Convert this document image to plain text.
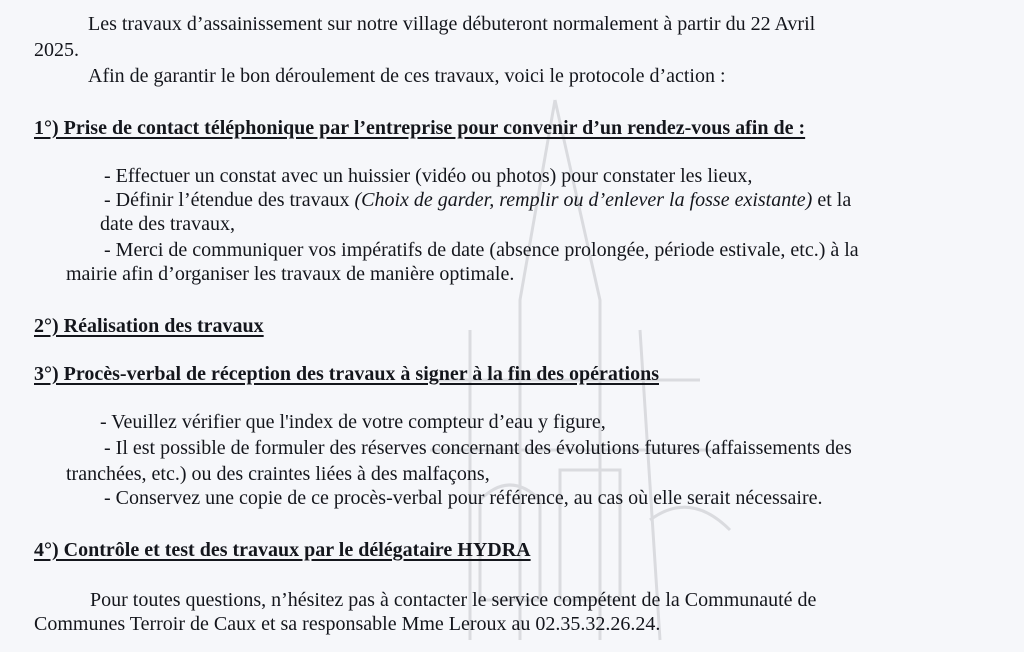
Les travaux d’assainissement sur notre village débuteront normalement à partir du 22 Avril
2025.
Afin de garantir le bon déroulement de ces travaux, voici le protocole d’action :
1°) Prise de contact téléphonique par l’entreprise pour convenir d’un rendez-vous afin de :
- Effectuer un constat avec un huissier (vidéo ou photos) pour constater les lieux,
- Définir l’étendue des travaux (Choix de garder, remplir ou d’enlever la fosse existante) et la
date des travaux,
- Merci de communiquer vos impératifs de date (absence prolongée, période estivale, etc.) à la
mairie afin d’organiser les travaux de manière optimale.
2°) Réalisation des travaux
3°) Procès-verbal de réception des travaux à signer à la fin des opérations
- Veuillez vérifier que l'index de votre compteur d’eau y figure,
- Il est possible de formuler des réserves concernant des évolutions futures (affaissements des
tranchées, etc.) ou des craintes liées à des malfaçons,
- Conservez une copie de ce procès-verbal pour référence, au cas où elle serait nécessaire.
4°) Contrôle et test des travaux par le délégataire HYDRA
Pour toutes questions, n’hésitez pas à contacter le service compétent de la Communauté de
Communes Terroir de Caux et sa responsable Mme Leroux au 02.35.32.26.24.
